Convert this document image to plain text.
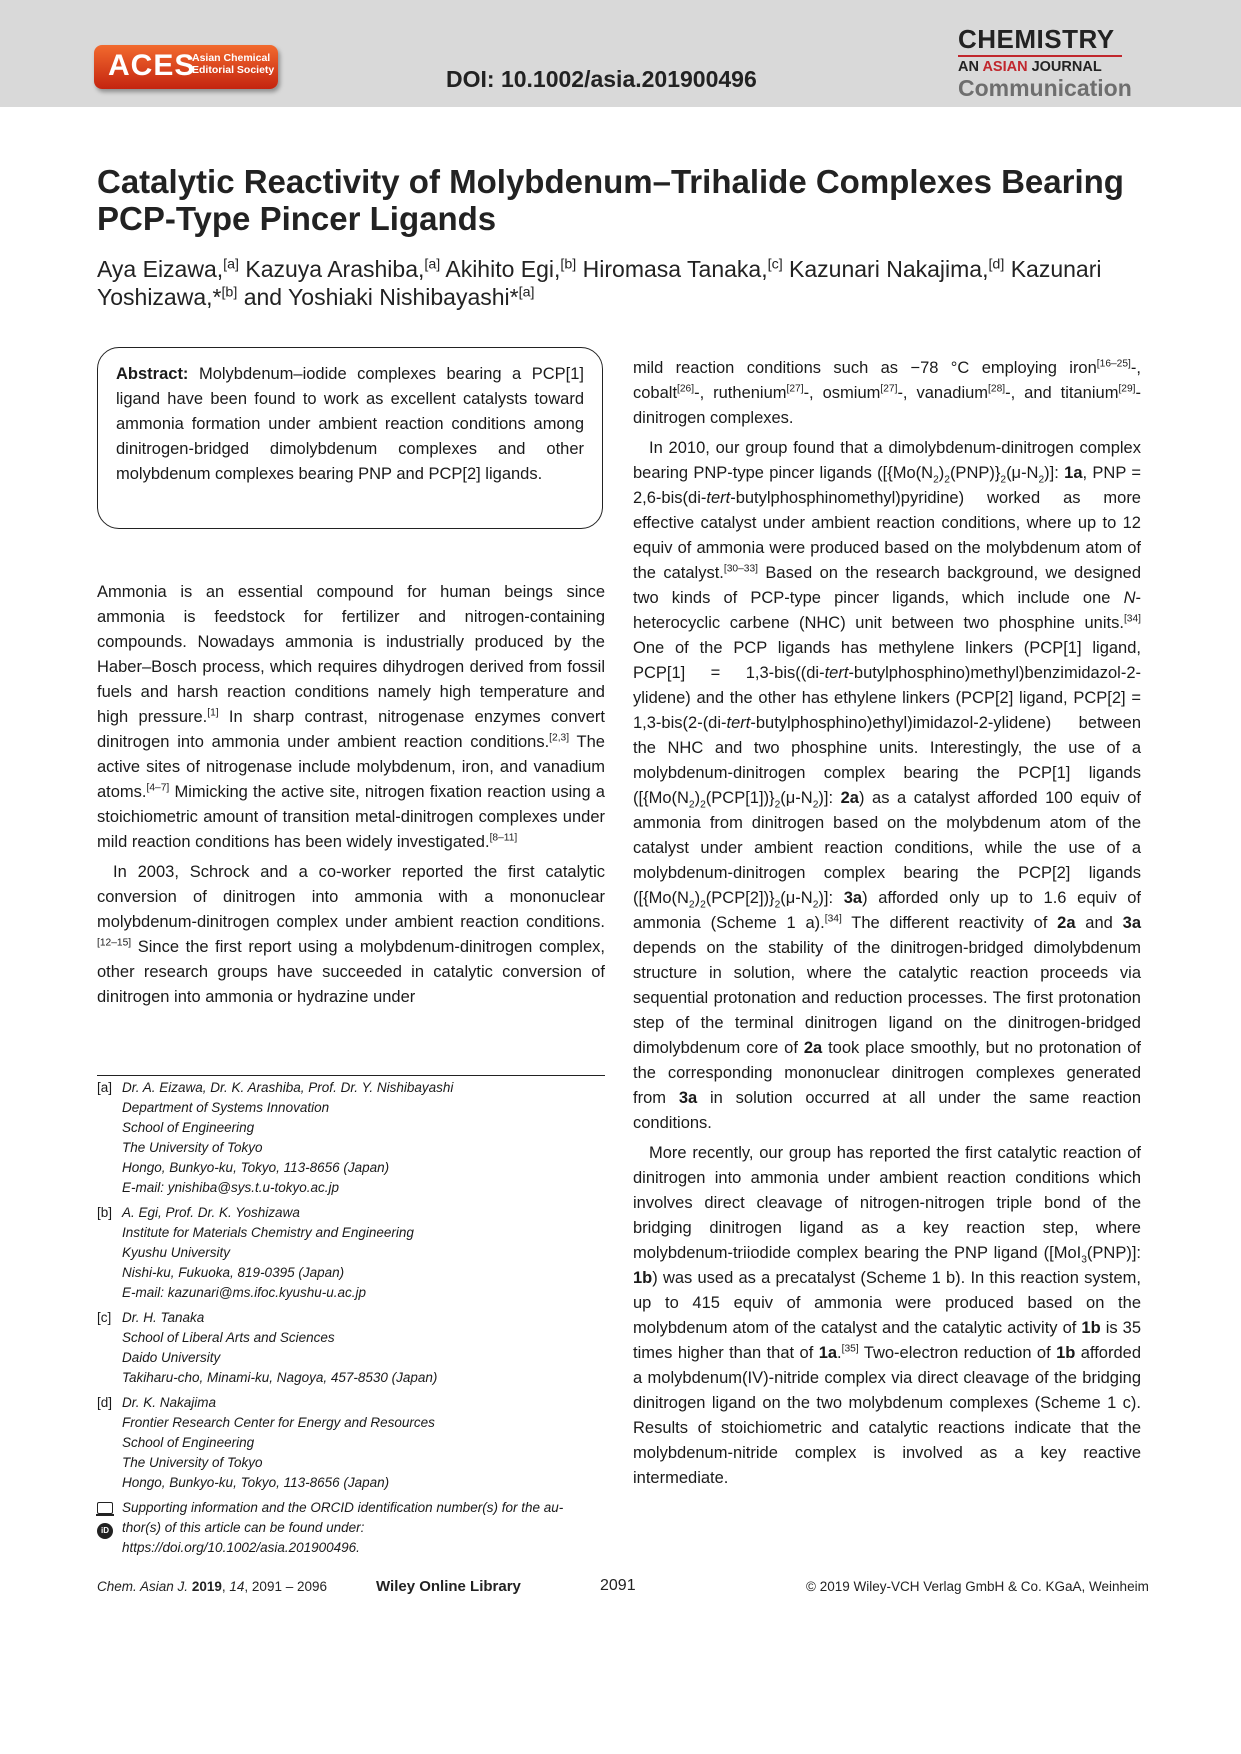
ACES
Asian Chemical
Editorial Society	DOI: 10.1002/asia.201900496
CHEMISTRY
AN ASIAN JOURNAL
Communication
Catalytic Reactivity of Molybdenum–Trihalide Complexes Bearing PCP-Type Pincer Ligands

Aya Eizawa,[a] Kazuya Arashiba,[a] Akihito Egi,[b] Hiromasa Tanaka,[c] Kazunari Nakajima,[d] Kazunari Yoshizawa,*[b] and Yoshiaki Nishibayashi*[a]

Abstract: Molybdenum–iodide complexes bearing a PCP[1] ligand have been found to work as excellent catalysts toward ammonia formation under ambient reaction conditions among dinitrogen-bridged dimolybdenum complexes and other molybdenum complexes bearing PNP and PCP[2] ligands.

Ammonia is an essential compound for human beings since ammonia is feedstock for fertilizer and nitrogen-containing compounds. Nowadays ammonia is industrially produced by the Haber–Bosch process, which requires dihydrogen derived from fossil fuels and harsh reaction conditions namely high temperature and high pressure.[1] In sharp contrast, nitrogenase enzymes convert dinitrogen into ammonia under ambient reaction conditions.[2,3] The active sites of nitrogenase include molybdenum, iron, and vanadium atoms.[4–7] Mimicking the active site, nitrogen fixation reaction using a stoichiometric amount of transition metal-dinitrogen complexes under mild reaction conditions has been widely investigated.[8–11]

In 2003, Schrock and a co-worker reported the first catalytic conversion of dinitrogen into ammonia with a mononuclear molybdenum-dinitrogen complex under ambient reaction conditions.[12–15] Since the first report using a molybdenum-dinitrogen complex, other research groups have succeeded in catalytic conversion of dinitrogen into ammonia or hydrazine under

mild reaction conditions such as −78 °C employing iron[16–25]-, cobalt[26]-, ruthenium[27]-, osmium[27]-, vanadium[28]-, and titanium[29]-dinitrogen complexes.

In 2010, our group found that a dimolybdenum-dinitrogen complex bearing PNP-type pincer ligands ($[\{Mo(N_2)_2(PNP)\}_2(\mu-N_2)]$: 1a, PNP = 2,6-bis(di-tert-butylphosphinomethyl)pyridine) worked as more effective catalyst under ambient reaction conditions, where up to 12 equiv of ammonia were produced based on the molybdenum atom of the catalyst.[30–33] Based on the research background, we designed two kinds of PCP-type pincer ligands, which include one N-heterocyclic carbene (NHC) unit between two phosphine units.[34] One of the PCP ligands has methylene linkers (PCP[1] ligand, PCP[1] = 1,3-bis((di-tert-butylphosphino)methyl)benzimidazol-2-ylidene) and the other has ethylene linkers (PCP[2] ligand, PCP[2] = 1,3-bis(2-(di-tert-butylphosphino)ethyl)imidazol-2-ylidene) between the NHC and two phosphine units. Interestingly, the use of a molybdenum-dinitrogen complex bearing the PCP[1] ligands ($[\{Mo(N_2)_2(PCP[1])\}_2(\mu-N_2)]$: 2a) as a catalyst afforded 100 equiv of ammonia from dinitrogen based on the molybdenum atom of the catalyst under ambient reaction conditions, while the use of a molybdenum-dinitrogen complex bearing the PCP[2] ligands ($[\{Mo(N_2)_2(PCP[2])\}_2(\mu-N_2)]$: 3a) afforded only up to 1.6 equiv of ammonia (Scheme 1 a).[34] The different reactivity of 2a and 3a depends on the stability of the dinitrogen-bridged dimolybdenum structure in solution, where the catalytic reaction proceeds via sequential protonation and reduction processes. The first protonation step of the terminal dinitrogen ligand on the dinitrogen-bridged dimolybdenum core of 2a took place smoothly, but no protonation of the corresponding mononuclear dinitrogen complexes generated from 3a in solution occurred at all under the same reaction conditions.

More recently, our group has reported the first catalytic reaction of dinitrogen into ammonia under ambient reaction conditions which involves direct cleavage of nitrogen-nitrogen triple bond of the bridging dinitrogen ligand as a key reaction step, where molybdenum-triiodide complex bearing the PNP ligand ([MoI$_3$(PNP)]: 1b) was used as a precatalyst (Scheme 1 b). In this reaction system, up to 415 equiv of ammonia were produced based on the molybdenum atom of the catalyst and the catalytic activity of 1b is 35 times higher than that of 1a.[35] Two-electron reduction of 1b afforded a molybdenum(IV)-nitride complex via direct cleavage of the bridging dinitrogen ligand on the two molybdenum complexes (Scheme 1 c). Results of stoichiometric and catalytic reactions indicate that the molybdenum-nitride complex is involved as a key reactive intermediate.

[a] Dr. A. Eizawa, Dr. K. Arashiba, Prof. Dr. Y. Nishibayashi
Department of Systems Innovation
School of Engineering
The University of Tokyo
Hongo, Bunkyo-ku, Tokyo, 113-8656 (Japan)
E-mail: ynishiba@sys.t.u-tokyo.ac.jp
[b] A. Egi, Prof. Dr. K. Yoshizawa
Institute for Materials Chemistry and Engineering
Kyushu University
Nishi-ku, Fukuoka, 819-0395 (Japan)
E-mail: kazunari@ms.ifoc.kyushu-u.ac.jp
[c] Dr. H. Tanaka
School of Liberal Arts and Sciences
Daido University
Takiharu-cho, Minami-ku, Nagoya, 457-8530 (Japan)
[d] Dr. K. Nakajima
Frontier Research Center for Energy and Resources
School of Engineering
The University of Tokyo
Hongo, Bunkyo-ku, Tokyo, 113-8656 (Japan)
iD
Supporting information and the ORCID identification number(s) for the au-
thor(s) of this article can be found under:
https://doi.org/10.1002/asia.201900496.
Chem. Asian J. 2019, 14, 2091 – 2096	Wiley Online Library	2091	© 2019 Wiley-VCH Verlag GmbH & Co. KGaA, Weinheim
